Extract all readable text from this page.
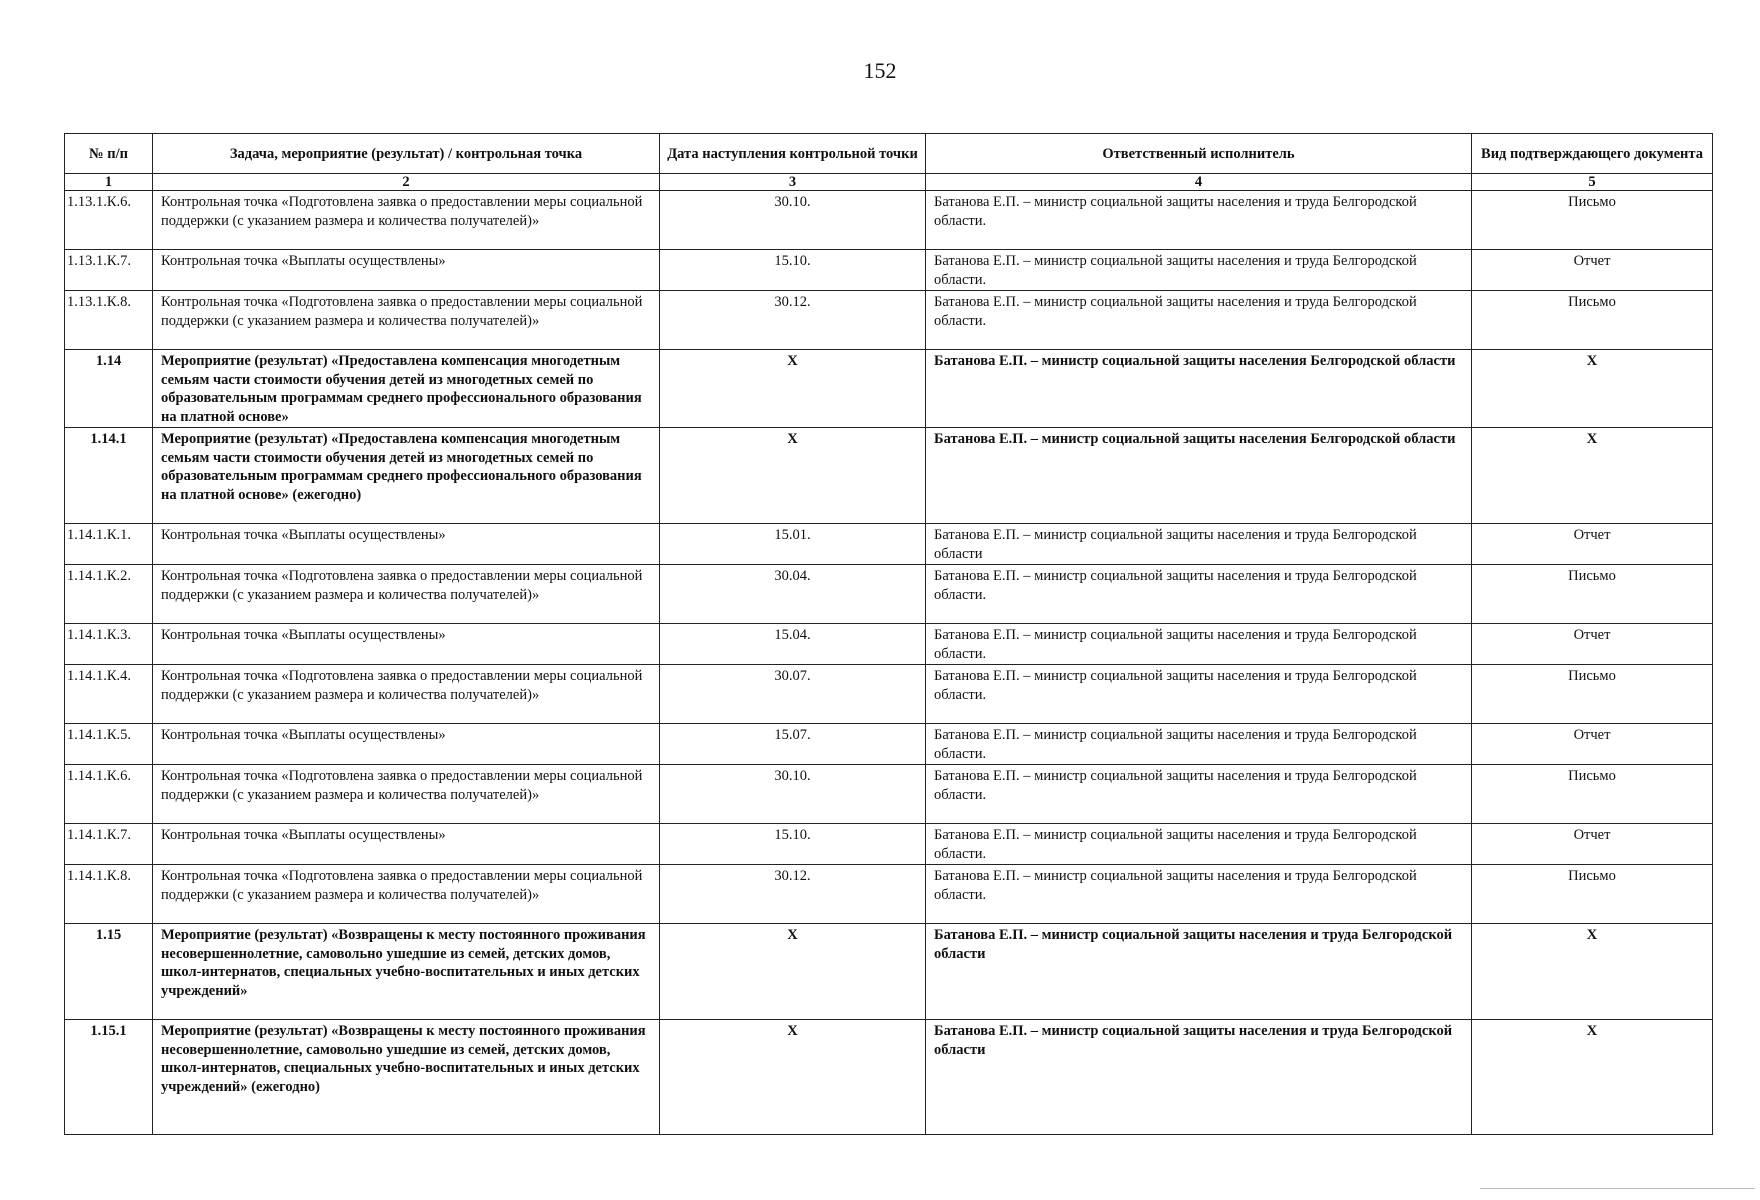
152
№ п/п	Задача, мероприятие (результат) / контрольная точка	Дата наступления контрольной точки	Ответственный исполнитель	Вид подтверждающего документа
1	2	3	4	5
1.13.1.К.6.	Контрольная точка «Подготовлена заявка о предоставлении меры социальной поддержки (с указанием размера и количества получателей)»	30.10.	Батанова Е.П. – министр социальной защиты населения и труда Белгородской области.	Письмо
1.13.1.К.7.	Контрольная точка «Выплаты осуществлены»	15.10.	Батанова Е.П. – министр социальной защиты населения и труда Белгородской области.	Отчет
1.13.1.К.8.	Контрольная точка «Подготовлена заявка о предоставлении меры социальной поддержки (с указанием размера и количества получателей)»	30.12.	Батанова Е.П. – министр социальной защиты населения и труда Белгородской области.	Письмо
1.14	Мероприятие (результат) «Предоставлена компенсация многодетным семьям части стоимости обучения детей из многодетных семей по образовательным программам среднего профессионального образования на платной основе»	Х	Батанова Е.П. – министр социальной защиты населения Белгородской области	Х
1.14.1	Мероприятие (результат) «Предоставлена компенсация многодетным семьям части стоимости обучения детей из многодетных семей по образовательным программам среднего профессионального образования на платной основе» (ежегодно)	Х	Батанова Е.П. – министр социальной защиты населения Белгородской области	Х
1.14.1.К.1.	Контрольная точка «Выплаты осуществлены»	15.01.	Батанова Е.П. – министр социальной защиты населения и труда Белгородской области	Отчет
1.14.1.К.2.	Контрольная точка «Подготовлена заявка о предоставлении меры социальной поддержки (с указанием размера и количества получателей)»	30.04.	Батанова Е.П. – министр социальной защиты населения и труда Белгородской области.	Письмо
1.14.1.К.3.	Контрольная точка «Выплаты осуществлены»	15.04.	Батанова Е.П. – министр социальной защиты населения и труда Белгородской области.	Отчет
1.14.1.К.4.	Контрольная точка «Подготовлена заявка о предоставлении меры социальной поддержки (с указанием размера и количества получателей)»	30.07.	Батанова Е.П. – министр социальной защиты населения и труда Белгородской области.	Письмо
1.14.1.К.5.	Контрольная точка «Выплаты осуществлены»	15.07.	Батанова Е.П. – министр социальной защиты населения и труда Белгородской области.	Отчет
1.14.1.К.6.	Контрольная точка «Подготовлена заявка о предоставлении меры социальной поддержки (с указанием размера и количества получателей)»	30.10.	Батанова Е.П. – министр социальной защиты населения и труда Белгородской области.	Письмо
1.14.1.К.7.	Контрольная точка «Выплаты осуществлены»	15.10.	Батанова Е.П. – министр социальной защиты населения и труда Белгородской области.	Отчет
1.14.1.К.8.	Контрольная точка «Подготовлена заявка о предоставлении меры социальной поддержки (с указанием размера и количества получателей)»	30.12.	Батанова Е.П. – министр социальной защиты населения и труда Белгородской области.	Письмо
1.15	Мероприятие (результат) «Возвращены к месту постоянного проживания несовершеннолетние, самовольно ушедшие из семей, детских домов, школ-интернатов, специальных учебно-воспитательных и иных детских учреждений»	Х	Батанова Е.П. – министр социальной защиты населения и труда Белгородской области	Х
1.15.1	Мероприятие (результат) «Возвращены к месту постоянного проживания несовершеннолетние, самовольно ушедшие из семей, детских домов, школ-интернатов, специальных учебно-воспитательных и иных детских учреждений» (ежегодно)	Х	Батанова Е.П. – министр социальной защиты населения и труда Белгородской области	Х
